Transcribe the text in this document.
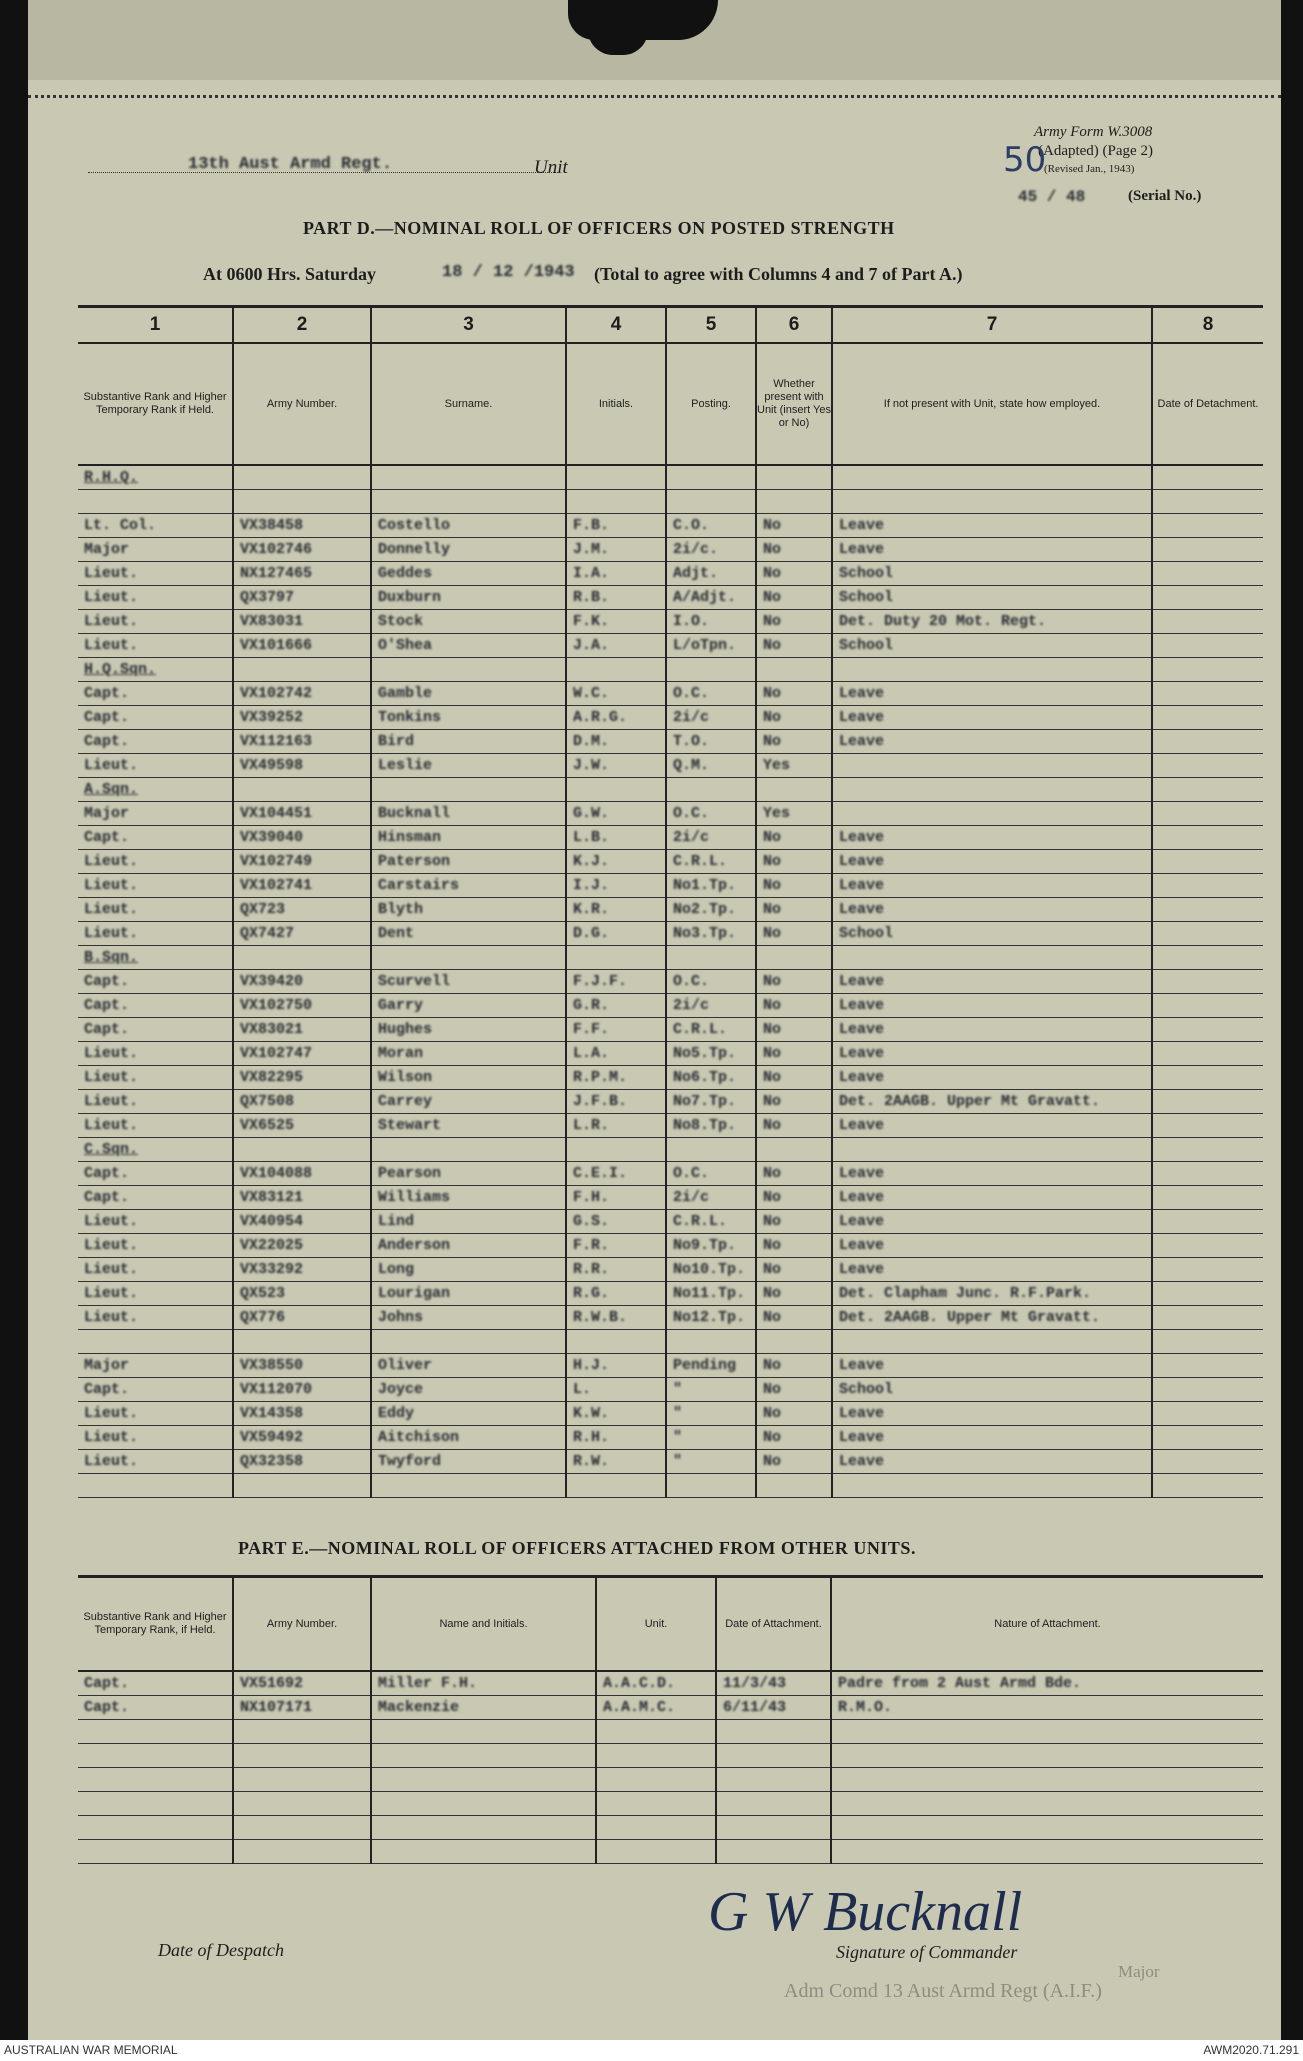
13th Aust Armd Regt.	Unit
Army Form W.3008
(Adapted) (Page 2)
(Revised Jan., 1943)
50
45 / 48	(Serial No.)
PART D.—NOMINAL ROLL OF OFFICERS ON POSTED STRENGTH
At 0600 Hrs. Saturday	18 / 12 /1943 (Total to agree with Columns 4 and 7 of Part A.)
1	2	3	4	5	6	7	8
Substantive Rank and Higher Temporary Rank if Held.	Army Number.	Surname.	Initials.	Posting.	Whether present with Unit (insert Yes or No)	If not present with Unit, state how employed.	Date of Detachment.
R.H.Q.							

Lt. Col.	VX38458	Costello	F.B.	C.O.	No	Leave	
Major	VX102746	Donnelly	J.M.	2i/c.	No	Leave	
Lieut.	NX127465	Geddes	I.A.	Adjt.	No	School	
Lieut.	QX3797	Duxburn	R.B.	A/Adjt.	No	School	
Lieut.	VX83031	Stock	F.K.	I.O.	No	Det. Duty 20 Mot. Regt.	
Lieut.	VX101666	O'Shea	J.A.	L/oTpn.	No	School	
H.Q.Sqn.							
Capt.	VX102742	Gamble	W.C.	O.C.	No	Leave	
Capt.	VX39252	Tonkins	A.R.G.	2i/c	No	Leave	
Capt.	VX112163	Bird	D.M.	T.O.	No	Leave	
Lieut.	VX49598	Leslie	J.W.	Q.M.	Yes		
A.Sqn.							
Major	VX104451	Bucknall	G.W.	O.C.	Yes		
Capt.	VX39040	Hinsman	L.B.	2i/c	No	Leave	
Lieut.	VX102749	Paterson	K.J.	C.R.L.	No	Leave	
Lieut.	VX102741	Carstairs	I.J.	No1.Tp.	No	Leave	
Lieut.	QX723	Blyth	K.R.	No2.Tp.	No	Leave	
Lieut.	QX7427	Dent	D.G.	No3.Tp.	No	School	
B.Sqn.							
Capt.	VX39420	Scurvell	F.J.F.	O.C.	No	Leave	
Capt.	VX102750	Garry	G.R.	2i/c	No	Leave	
Capt.	VX83021	Hughes	F.F.	C.R.L.	No	Leave	
Lieut.	VX102747	Moran	L.A.	No5.Tp.	No	Leave	
Lieut.	VX82295	Wilson	R.P.M.	No6.Tp.	No	Leave	
Lieut.	QX7508	Carrey	J.F.B.	No7.Tp.	No	Det. 2AAGB. Upper Mt Gravatt.	
Lieut.	VX6525	Stewart	L.R.	No8.Tp.	No	Leave	
C.Sqn.							
Capt.	VX104088	Pearson	C.E.I.	O.C.	No	Leave	
Capt.	VX83121	Williams	F.H.	2i/c	No	Leave	
Lieut.	VX40954	Lind	G.S.	C.R.L.	No	Leave	
Lieut.	VX22025	Anderson	F.R.	No9.Tp.	No	Leave	
Lieut.	VX33292	Long	R.R.	No10.Tp.	No	Leave	
Lieut.	QX523	Lourigan	R.G.	No11.Tp.	No	Det. Clapham Junc. R.F.Park.	
Lieut.	QX776	Johns	R.W.B.	No12.Tp.	No	Det. 2AAGB. Upper Mt Gravatt.	

Major	VX38550	Oliver	H.J.	Pending	No	Leave	
Capt.	VX112070	Joyce	L.	"	No	School	
Lieut.	VX14358	Eddy	K.W.	"	No	Leave	
Lieut.	VX59492	Aitchison	R.H.	"	No	Leave	
Lieut.	QX32358	Twyford	R.W.	"	No	Leave	

PART E.—NOMINAL ROLL OF OFFICERS ATTACHED FROM OTHER UNITS.
Substantive Rank and Higher Temporary Rank, if Held.	Army Number.	Name and Initials.	Unit.	Date of Attachment.	Nature of Attachment.
Capt.	VX51692	Miller F.H.	A.A.C.D.	11/3/43	Padre from 2 Aust Armd Bde.
Capt.	NX107171	Mackenzie	A.A.M.C.	6/11/43	R.M.O.

Date of Despatch	Signature of Commander
G W Bucknall
Major
Adm Comd 13 Aust Armd Regt (A.I.F.)
AUSTRALIAN WAR MEMORIAL	AWM2020.71.291
